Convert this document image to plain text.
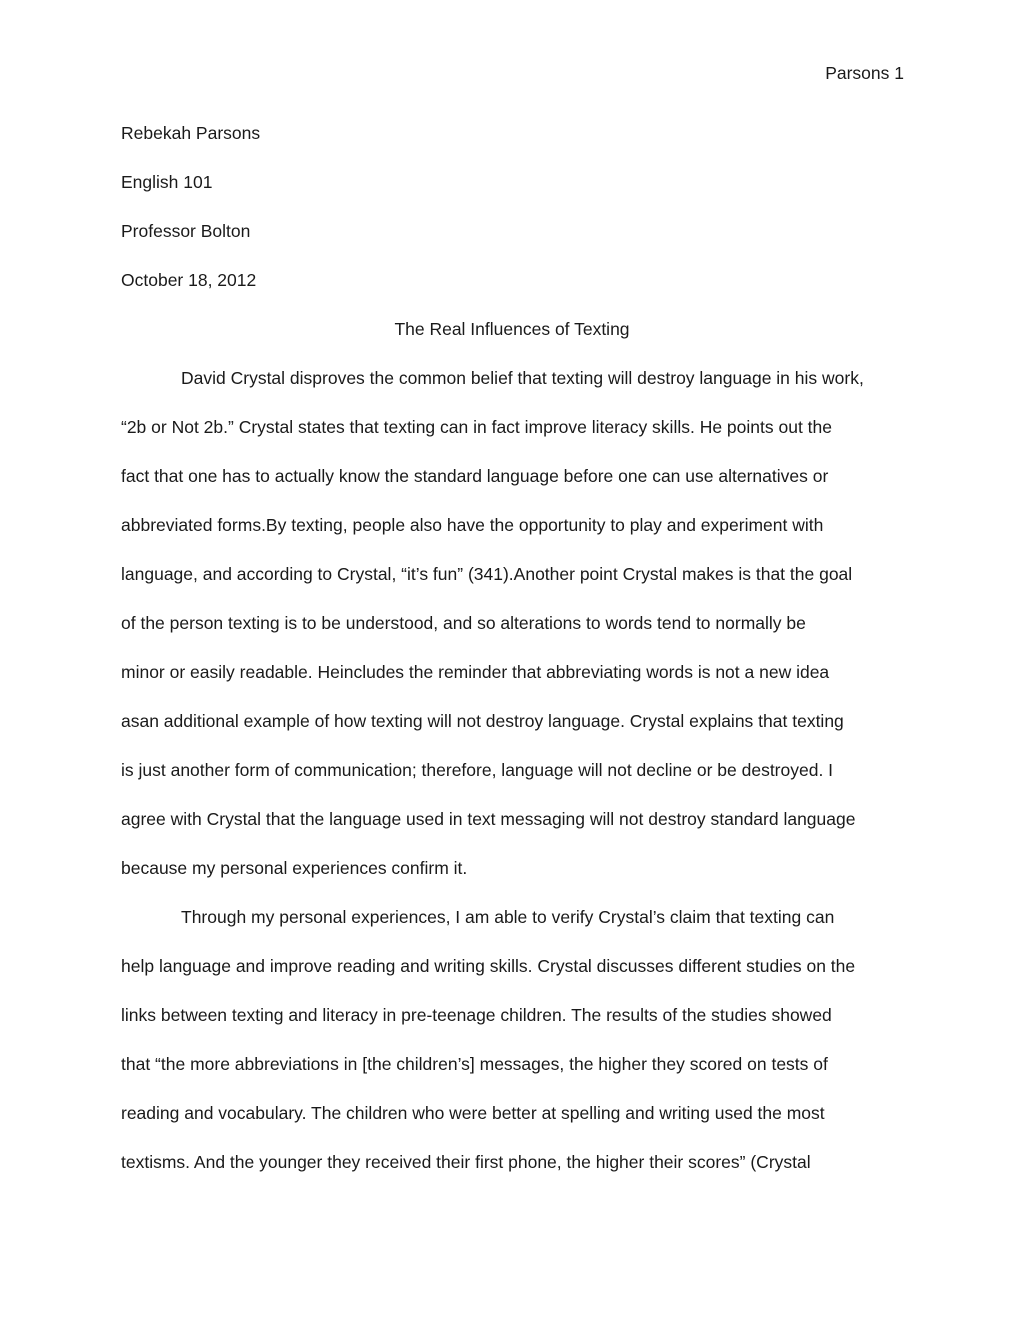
Parsons 1
Rebekah Parsons
English 101
Professor Bolton
October 18, 2012
The Real Influences of Texting
David Crystal disproves the common belief that texting will destroy language in his work,
“2b or Not 2b.” Crystal states that texting can in fact improve literacy skills. He points out the
fact that one has to actually know the standard language before one can use alternatives or
abbreviated forms.By texting, people also have the opportunity to play and experiment with
language, and according to Crystal, “it’s fun” (341).Another point Crystal makes is that the goal
of the person texting is to be understood, and so alterations to words tend to normally be
minor or easily readable. Heincludes the reminder that abbreviating words is not a new idea
asan additional example of how texting will not destroy language. Crystal explains that texting
is just another form of communication; therefore, language will not decline or be destroyed. I
agree with Crystal that the language used in text messaging will not destroy standard language
because my personal experiences confirm it.
Through my personal experiences, I am able to verify Crystal’s claim that texting can
help language and improve reading and writing skills. Crystal discusses different studies on the
links between texting and literacy in pre-teenage children. The results of the studies showed
that “the more abbreviations in [the children’s] messages, the higher they scored on tests of
reading and vocabulary. The children who were better at spelling and writing used the most
textisms. And the younger they received their first phone, the higher their scores” (Crystal
